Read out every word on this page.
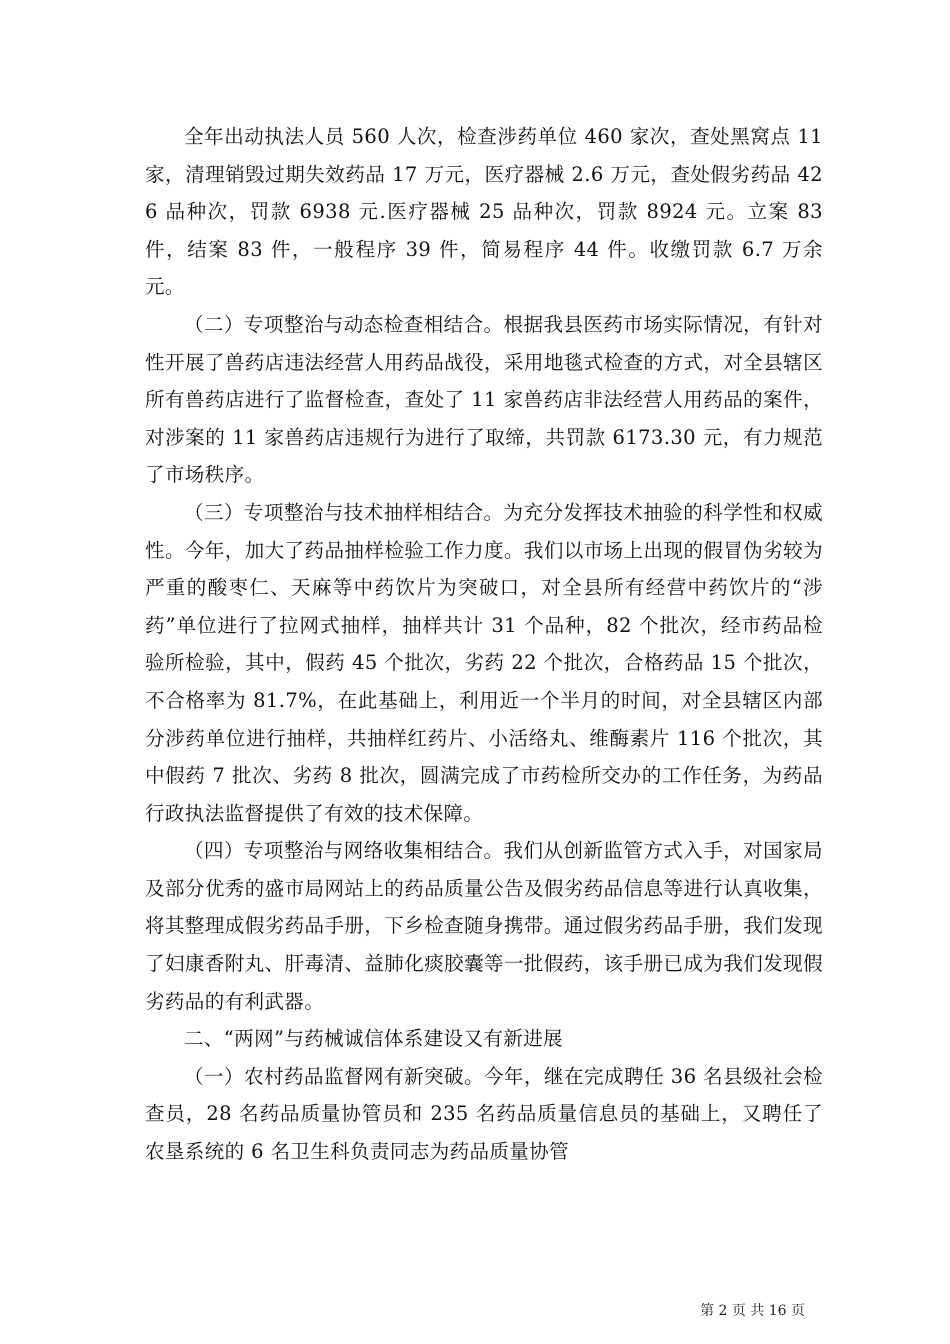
全年出动执法人员 560 人次，检查涉药单位 460 家次，查处黑窝点 11 家，清理销毁过期失效药品 17 万元，医疗器械 2.6 万元，查处假劣药品 426 品种次，罚款 6938 元.医疗器械 25 品种次，罚款 8924 元。立案 83 件，结案 83 件，一般程序 39 件，简易程序 44 件。收缴罚款 6.7 万余元。

（二）专项整治与动态检查相结合。根据我县医药市场实际情况，有针对性开展了兽药店违法经营人用药品战役，采用地毯式检查的方式，对全县辖区所有兽药店进行了监督检查，查处了 11 家兽药店非法经营人用药品的案件，对涉案的 11 家兽药店违规行为进行了取缔，共罚款 6173.30 元，有力规范了市场秩序。

（三）专项整治与技术抽样相结合。为充分发挥技术抽验的科学性和权威性。今年，加大了药品抽样检验工作力度。我们以市场上出现的假冒伪劣较为严重的酸枣仁、天麻等中药饮片为突破口，对全县所有经营中药饮片的“涉药”单位进行了拉网式抽样，抽样共计 31 个品种，82 个批次，经市药品检验所检验，其中，假药 45 个批次，劣药 22 个批次，合格药品 15 个批次，不合格率为 81.7%，在此基础上，利用近一个半月的时间，对全县辖区内部分涉药单位进行抽样，共抽样红药片、小活络丸、维酶素片 116 个批次，其中假药 7 批次、劣药 8 批次，圆满完成了市药检所交办的工作任务，为药品行政执法监督提供了有效的技术保障。

（四）专项整治与网络收集相结合。我们从创新监管方式入手，对国家局及部分优秀的盛市局网站上的药品质量公告及假劣药品信息等进行认真收集，将其整理成假劣药品手册，下乡检查随身携带。通过假劣药品手册，我们发现了妇康香附丸、肝毒清、益肺化痰胶囊等一批假药，该手册已成为我们发现假劣药品的有利武器。

二、“两网”与药械诚信体系建设又有新进展

（一）农村药品监督网有新突破。今年，继在完成聘任 36 名县级社会检查员，28 名药品质量协管员和 235 名药品质量信息员的基础上，又聘任了农垦系统的 6 名卫生科负责同志为药品质量协管

第 2 页 共 16 页
